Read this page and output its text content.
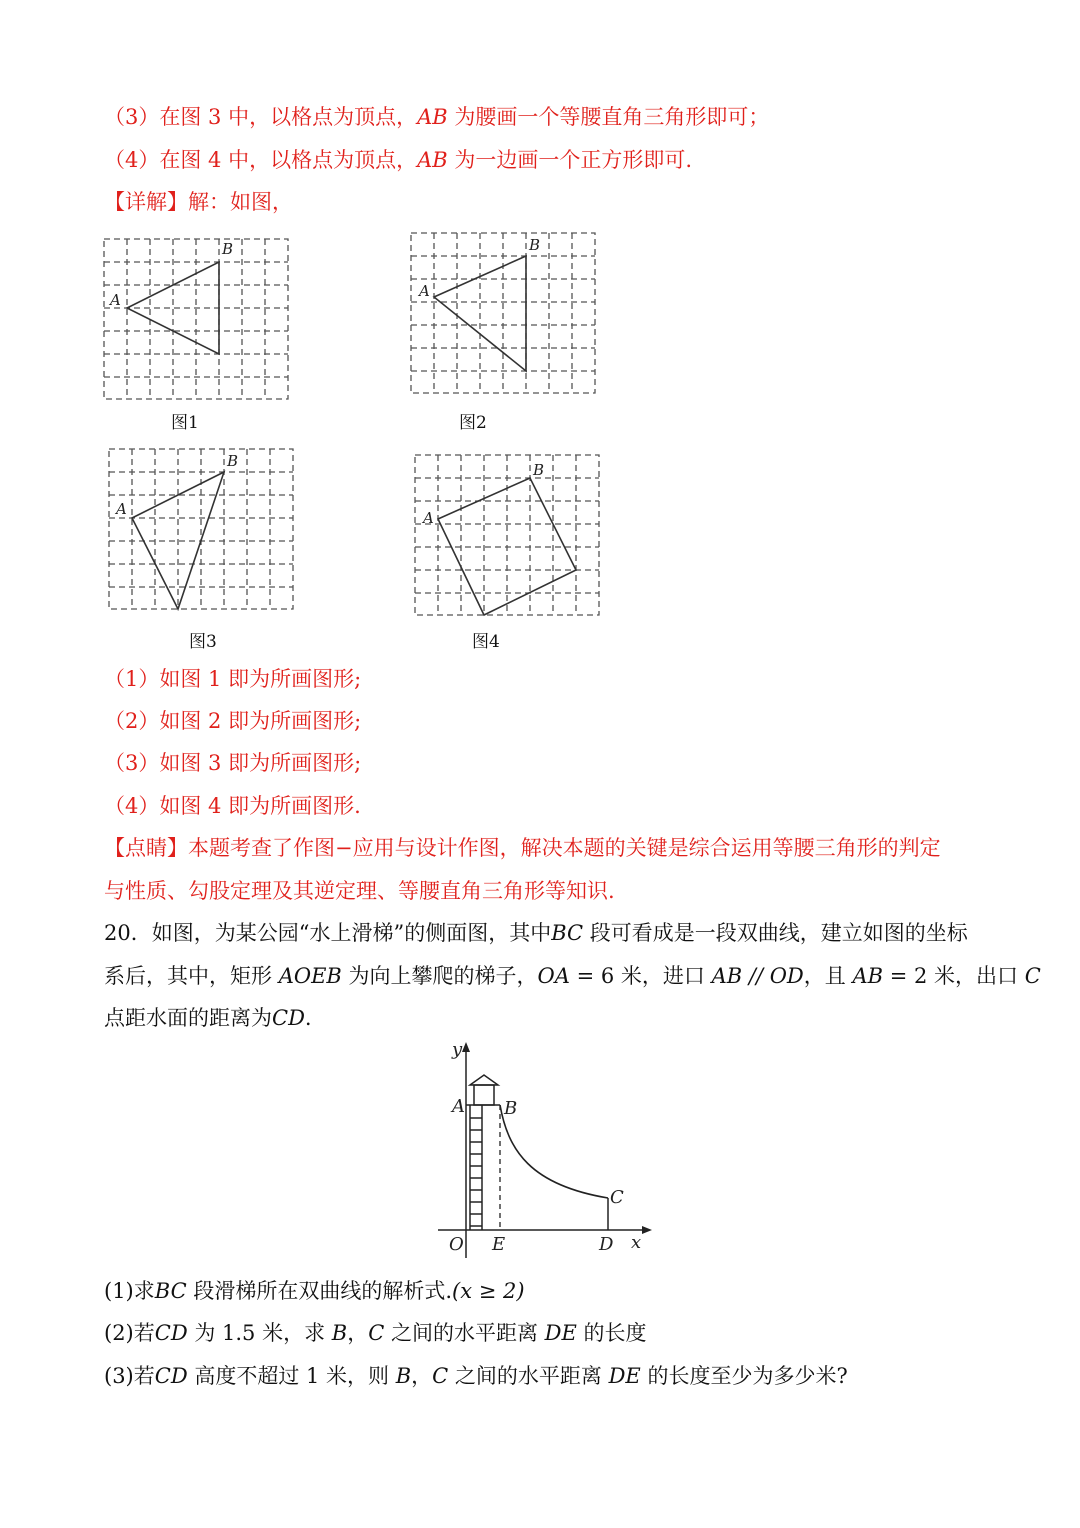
（3）在图 3 中，以格点为顶点，AB 为腰画一个等腰直角三角形即可；
（4）在图 4 中，以格点为顶点，AB 为一边画一个正方形即可.
【详解】解：如图，
A
B
图1
A
B
图2
A
B
图3
A
B
图4
（1）如图 1 即为所画图形;
（2）如图 2 即为所画图形;
（3）如图 3 即为所画图形;
（4）如图 4 即为所画图形.
【点睛】本题考查了作图−应用与设计作图，解决本题的关键是综合运用等腰三角形的判定
与性质、勾股定理及其逆定理、等腰直角三角形等知识.
20．如图，为某公园“水上滑梯”的侧面图，其中BC 段可看成是一段双曲线，建立如图的坐标
系后，其中，矩形 AOEB 为向上攀爬的梯子，OA = 6 米，进口 AB // OD，且 AB = 2 米，出口 C
点距水面的距离为CD.
y
x
A B
C
O E	D
(1)求BC 段滑梯所在双曲线的解析式.(x ≥ 2)
(2)若CD 为 1.5 米，求 B，C 之间的水平距离 DE 的长度
(3)若CD 高度不超过 1 米，则 B，C 之间的水平距离 DE 的长度至少为多少米?
